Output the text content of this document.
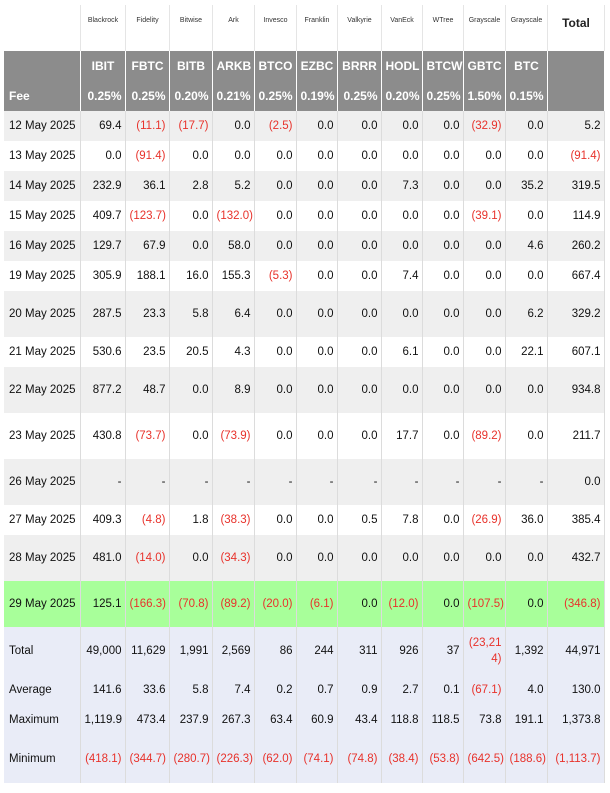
	Blackrock	Fidelity	Bitwise	Ark	Invesco	Franklin	Valkyrie	VanEck	WTree	Grayscale	Grayscale	Total
	IBIT	FBTC	BITB	ARKB	BTCO	EZBC	BRRR	HODL	BTCW	GBTC	BTC	
Fee	0.25%	0.25%	0.20%	0.21%	0.25%	0.19%	0.25%	0.20%	0.25%	1.50%	0.15%	
12 May 2025	69.4	(11.1)	(17.7)	0.0	(2.5)	0.0	0.0	0.0	0.0	(32.9)	0.0	5.2
13 May 2025	0.0	(91.4)	0.0	0.0	0.0	0.0	0.0	0.0	0.0	0.0	0.0	(91.4)
14 May 2025	232.9	36.1	2.8	5.2	0.0	0.0	0.0	7.3	0.0	0.0	35.2	319.5
15 May 2025	409.7	(123.7)	0.0	(132.0)	0.0	0.0	0.0	0.0	0.0	(39.1)	0.0	114.9
16 May 2025	129.7	67.9	0.0	58.0	0.0	0.0	0.0	0.0	0.0	0.0	4.6	260.2
19 May 2025	305.9	188.1	16.0	155.3	(5.3)	0.0	0.0	7.4	0.0	0.0	0.0	667.4
20 May 2025	287.5	23.3	5.8	6.4	0.0	0.0	0.0	0.0	0.0	0.0	6.2	329.2
21 May 2025	530.6	23.5	20.5	4.3	0.0	0.0	0.0	6.1	0.0	0.0	22.1	607.1
22 May 2025	877.2	48.7	0.0	8.9	0.0	0.0	0.0	0.0	0.0	0.0	0.0	934.8
23 May 2025	430.8	(73.7)	0.0	(73.9)	0.0	0.0	0.0	17.7	0.0	(89.2)	0.0	211.7
26 May 2025	-	-	-	-	-	-	-	-	-	-	-	0.0
27 May 2025	409.3	(4.8)	1.8	(38.3)	0.0	0.0	0.5	7.8	0.0	(26.9)	36.0	385.4
28 May 2025	481.0	(14.0)	0.0	(34.3)	0.0	0.0	0.0	0.0	0.0	0.0	0.0	432.7
29 May 2025	125.1	(166.3)	(70.8)	(89.2)	(20.0)	(6.1)	0.0	(12.0)	0.0	(107.5)	0.0	(346.8)
Total	49,000	11,629	1,991	2,569	86	244	311	926	37	(23,214)	1,392	44,971
Average	141.6	33.6	5.8	7.4	0.2	0.7	0.9	2.7	0.1	(67.1)	4.0	130.0
Maximum	1,119.9	473.4	237.9	267.3	63.4	60.9	43.4	118.8	118.5	73.8	191.1	1,373.8
Minimum	(418.1)	(344.7)	(280.7)	(226.3)	(62.0)	(74.1)	(74.8)	(38.4)	(53.8)	(642.5)	(188.6)	(1,113.7)
